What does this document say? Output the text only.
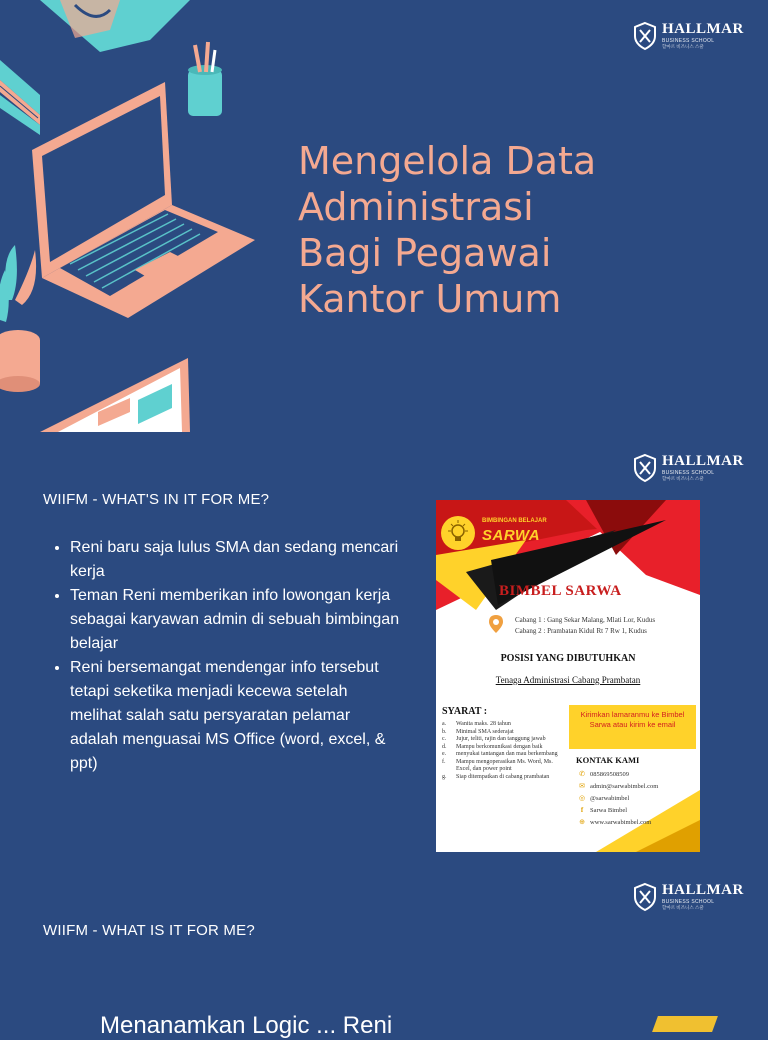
Mengelola Data
Administrasi
Bagi Pegawai
Kantor Umum
HALLMAR
BUSINESS SCHOOL
할마르 비즈니스 스쿨
HALLMAR
BUSINESS SCHOOL
할마르 비즈니스 스쿨
WIIFM - WHAT'S IN IT FOR ME?
• Reni baru saja lulus SMA dan sedang mencari kerja
• Teman Reni memberikan info lowongan kerja sebagai karyawan admin di sebuah bimbingan belajar
• Reni bersemangat mendengar info tersebut tetapi seketika menjadi kecewa setelah melihat salah satu persyaratan pelamar adalah menguasai MS Office (word, excel, & ppt)
BIMBINGAN BELAJAR
SARWA
BIMBEL SARWA
Cabang 1 : Gang Sekar Malang, Mlati Lor, Kudus
Cabang 2 : Prambatan Kidul Rt 7 Rw 1, Kudus
POSISI YANG DIBUTUHKAN
Tenaga Administrasi Cabang Prambatan
SYARAT :
a.	Wanita maks. 28 tahun
b.	Minimal SMA sederajat
c.	Jujur, teliti, rajin dan tanggung jawab
d.	Mampu berkomunikasi dengan baik
e.	menyukai tantangan dan mau berkembang
f.	Mampu mengoperasikan Ms. Word, Ms. Excel, dan power point
g.	Siap ditempatkan di cabang prambatan
Kirimkan lamaranmu ke Bimbel Sarwa atau kirim ke email
KONTAK KAMI
✆ 085869508509
✉ admin@sarwabimbel.com
◎ @sarwabimbel
f	Sarwa Bimbel
⊕ www.sarwabimbel.com
HALLMAR
BUSINESS SCHOOL
할마르 비즈니스 스쿨
WIIFM - WHAT IS IT FOR ME?
Menanamkan Logic ... Reni
